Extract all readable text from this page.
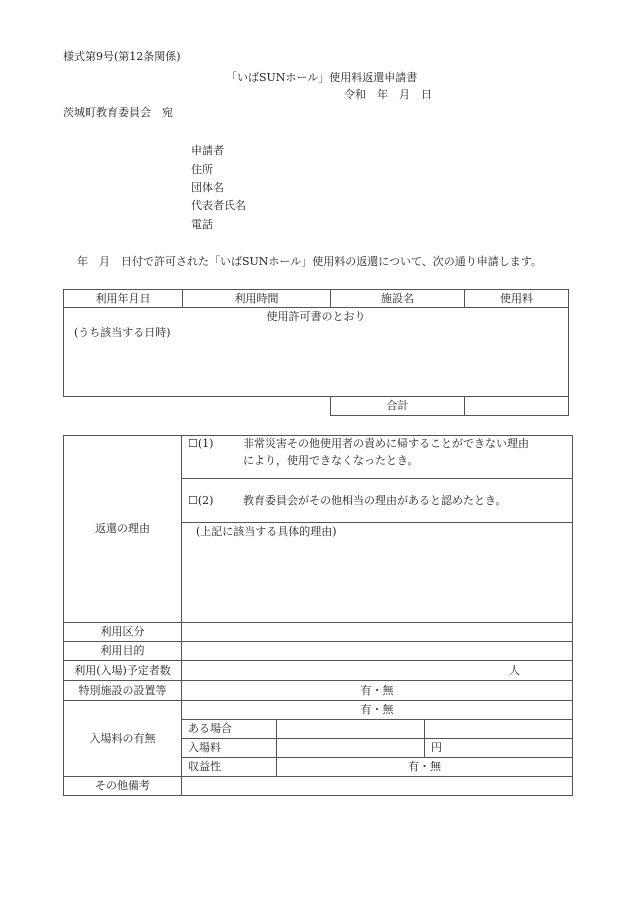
様式第9号(第12条関係)
「いばSUNホール」使用料返還申請書
令和　年　月　日
茨城町教育委員会　宛
申請者
住所
団体名
代表者氏名
電話
年　月　日付で許可された「いばSUNホール」使用料の返還について、次の通り申請します。
利用年月日	利用時間	施設名	使用料

使用許可書のとおり
(うち該当する日時)			

		合計	
返還の理由	☐(1) 非常災害その他使用者の責めに帰することができない理由
により，使用できなくなったとき。		

	☐(2) 教育委員会がその他相当の理由があると認めたとき。		

	(上記に該当する具体的理由)		

利用区分			
利用目的			
利用(入場)予定者数	人		
特別施設の設置等	有・無		
入場料の有無	有・無		
	ある場合		
	入場料		円
	収益性	有・無	
その他備考			
